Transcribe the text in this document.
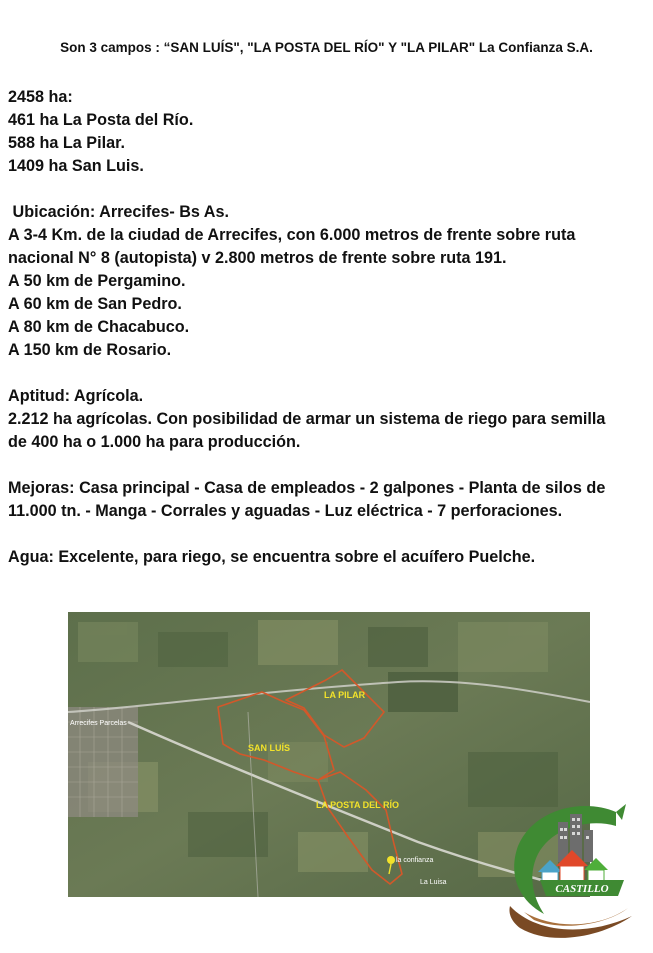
Son 3 campos : “SAN LUÍS", "LA POSTA DEL RÍO" Y "LA PILAR" La Confianza S.A.

2458 ha:

461 ha La Posta del Río.

588 ha La Pilar.

1409 ha San Luis.

Ubicación: Arrecifes- Bs As.

A 3-4 Km. de la ciudad de Arrecifes, con 6.000 metros de frente sobre ruta

nacional N° 8 (autopista) v 2.800 metros de frente sobre ruta 191.

A 50 km de Pergamino.

A 60 km de San Pedro.

A 80 km de Chacabuco.

A 150 km de Rosario.

Aptitud: Agrícola.

2.212 ha agrícolas. Con posibilidad de armar un sistema de riego para semilla

de 400 ha o 1.000 ha para producción.

Mejoras: Casa principal - Casa de empleados - 2 galpones - Planta de silos de

11.000 tn. - Manga - Corrales y aguadas - Luz eléctrica - 7 perforaciones.

Agua: Excelente, para riego, se encuentra sobre el acuífero Puelche.

LA PILAR
SAN LUÍS
LA POSTA DEL RÍO
Arrecifes Parcelas
la confianza
La Luisa
CASTILLO
